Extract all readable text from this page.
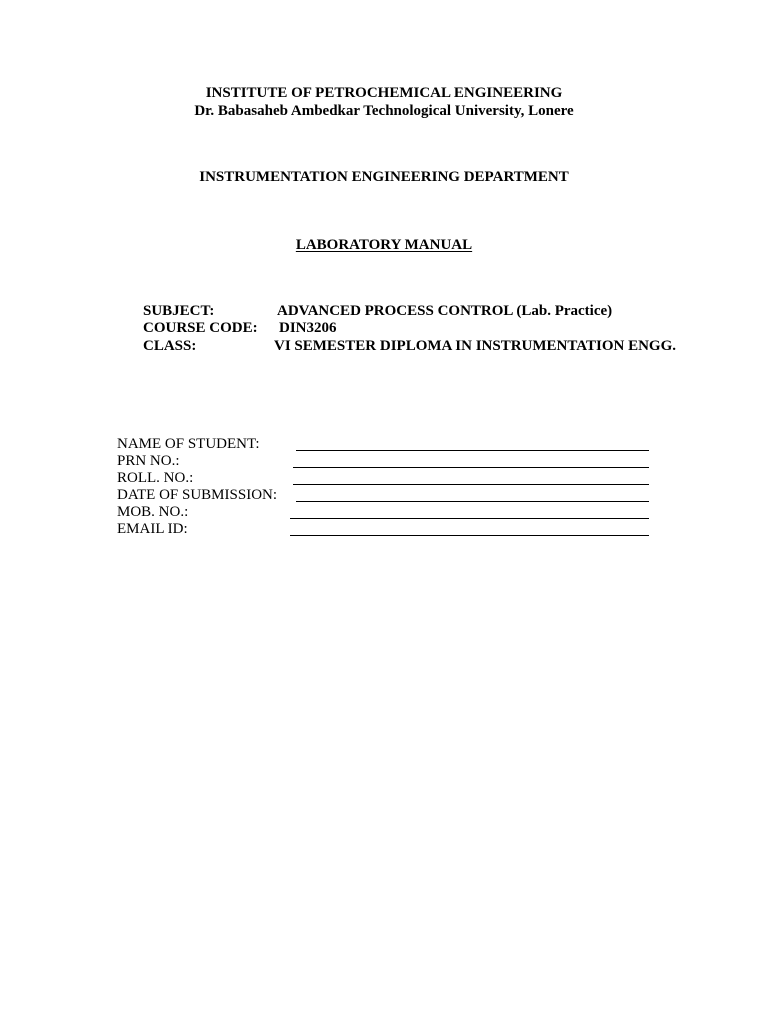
INSTITUTE OF PETROCHEMICAL ENGINEERING
Dr. Babasaheb Ambedkar Technological University, Lonere
INSTRUMENTATION ENGINEERING DEPARTMENT
LABORATORY MANUAL
SUBJECT:	ADVANCED PROCESS CONTROL (Lab. Practice)
COURSE CODE: DIN3206
CLASS:	VI SEMESTER DIPLOMA IN INSTRUMENTATION ENGG.
NAME OF STUDENT:
PRN NO.:
ROLL. NO.:
DATE OF SUBMISSION:
MOB. NO.:
EMAIL ID:
